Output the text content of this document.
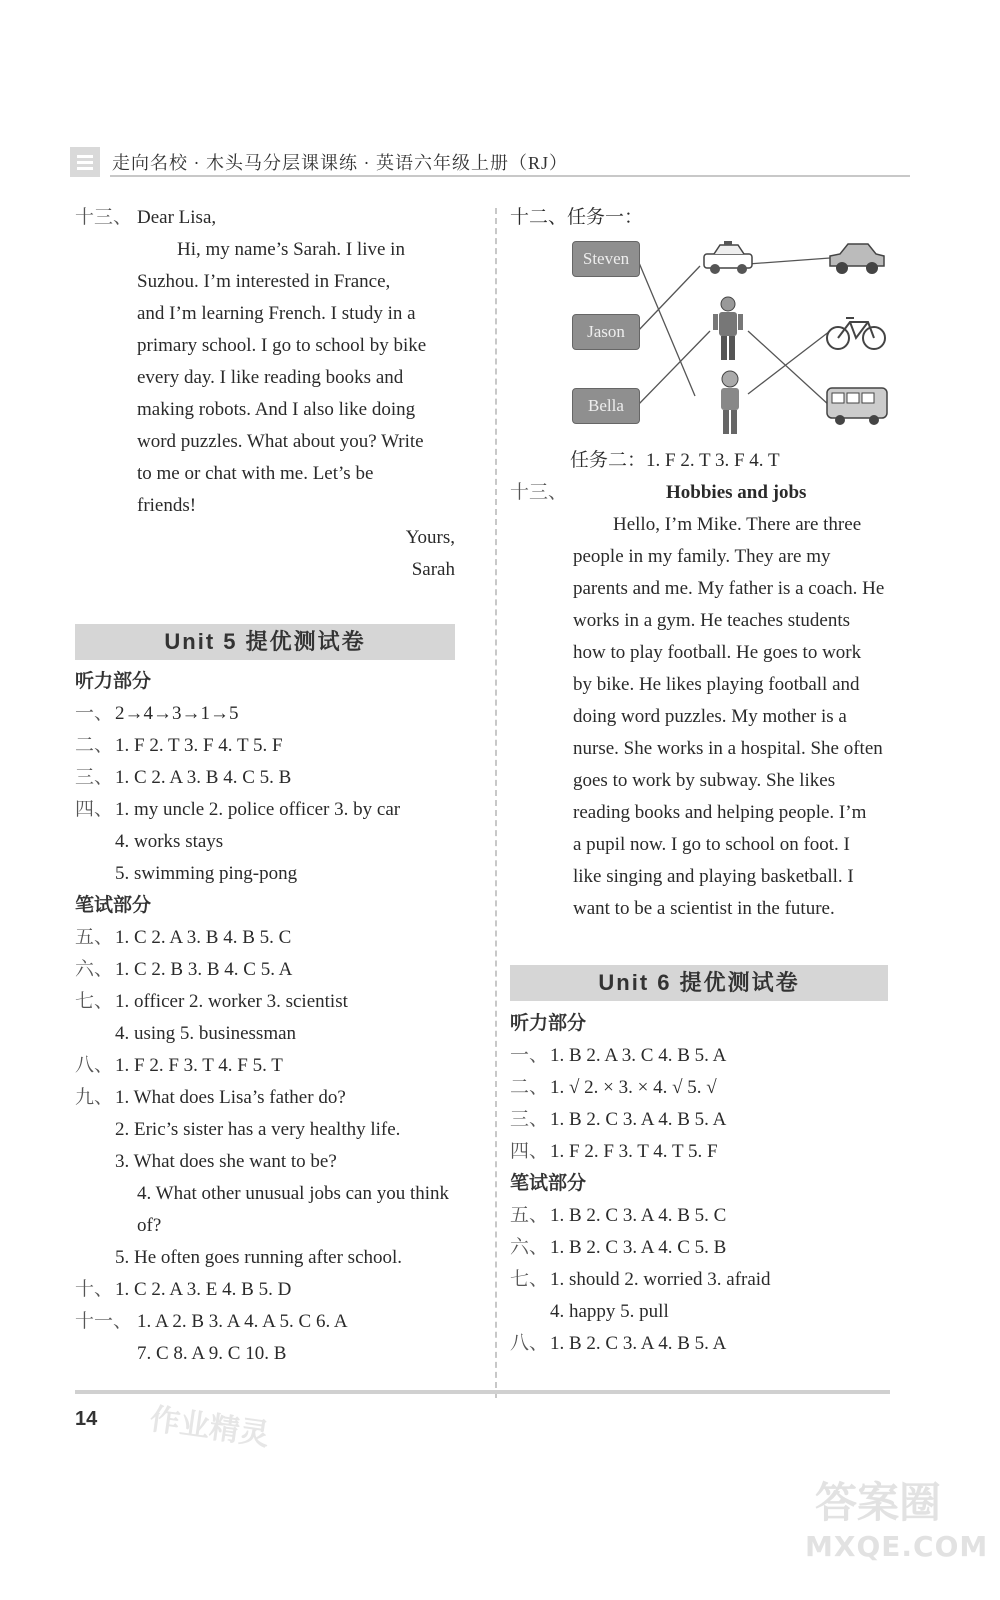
走向名校 · 木头马分层课课练 · 英语六年级上册（RJ）
十三、 Dear Lisa,
Hi, my name’s Sarah. I live in
Suzhou. I’m interested in France,
and I’m learning French. I study in a
primary school. I go to school by bike
every day. I like reading books and
making robots. And I also like doing
word puzzles. What about you? Write
to me or chat with me. Let’s be
friends!
Yours,
Sarah
Unit 5 提优测试卷
听力部分
一、 2→4→3→1→5
二、 1. F 2. T 3. F 4. T 5. F
三、 1. C 2. A 3. B 4. C 5. B
四、 1. my uncle 2. police officer 3. by car
4. works stays
5. swimming ping-pong
笔试部分
五、 1. C 2. A 3. B 4. B 5. C
六、 1. C 2. B 3. B 4. C 5. A
七、 1. officer 2. worker 3. scientist
4. using 5. businessman
八、 1. F 2. F 3. T 4. F 5. T
九、 1. What does Lisa’s father do?
2. Eric’s sister has a very healthy life.
3. What does she want to be?
4. What other unusual jobs can you think
of?
5. He often goes running after school.
十、 1. C 2. A 3. E 4. B 5. D
十一、 1. A 2. B 3. A 4. A 5. C 6. A
7. C 8. A 9. C 10. B
十二、任务一：
Steven
Jason
Bella
任务二：1. F 2. T 3. F 4. T
十三、	Hobbies and jobs
Hello, I’m Mike. There are three
people in my family. They are my
parents and me. My father is a coach. He
works in a gym. He teaches students
how to play football. He goes to work
by bike. He likes playing football and
doing word puzzles. My mother is a
nurse. She works in a hospital. She often
goes to work by subway. She likes
reading books and helping people. I’m
a pupil now. I go to school on foot. I
like singing and playing basketball. I
want to be a scientist in the future.
Unit 6 提优测试卷
听力部分
一、 1. B 2. A 3. C 4. B 5. A
二、 1. √ 2. × 3. × 4. √ 5. √
三、 1. B 2. C 3. A 4. B 5. A
四、 1. F 2. F 3. T 4. T 5. F
笔试部分
五、 1. B 2. C 3. A 4. B 5. C
六、 1. B 2. C 3. A 4. C 5. B
七、 1. should 2. worried 3. afraid
4. happy 5. pull
八、 1. B 2. C 3. A 4. B 5. A
14 作业精灵
答案圈
MXQE.COM
